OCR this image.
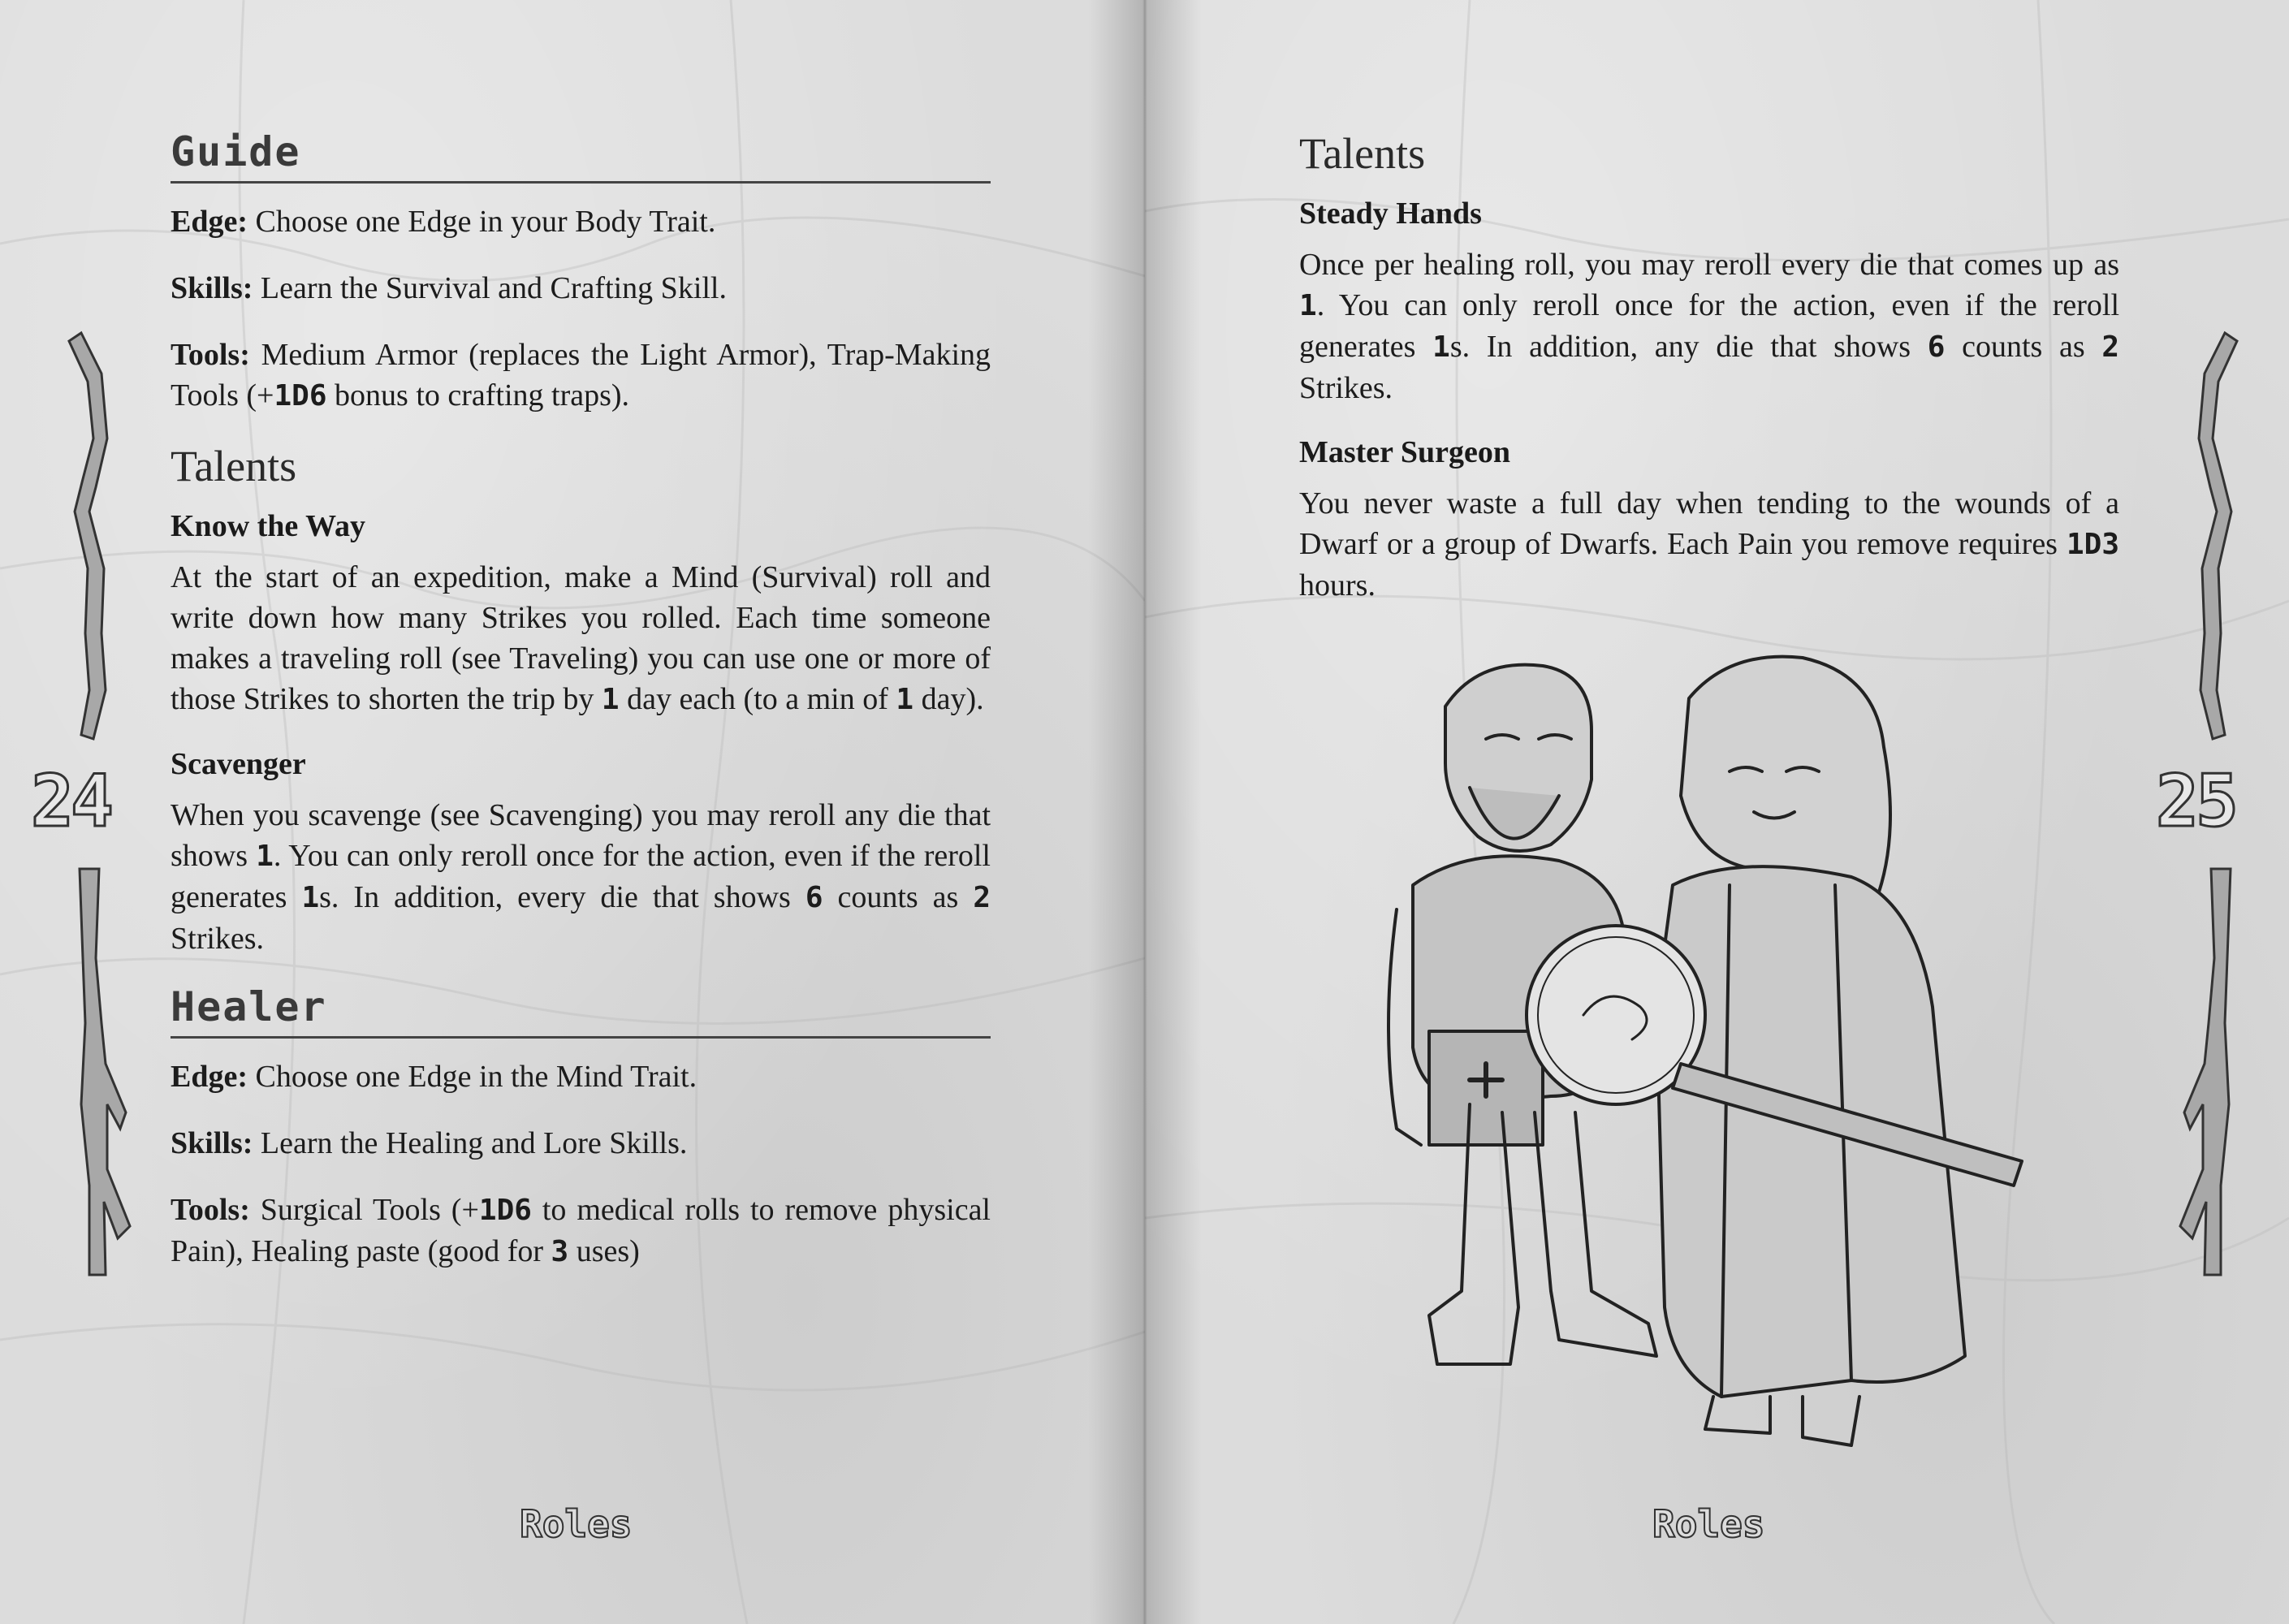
24
Guide

Edge: Choose one Edge in your Body Trait.

Skills: Learn the Survival and Crafting Skill.

Tools: Medium Armor (replaces the Light Armor), Trap-Making Tools (+1D6 bonus to crafting traps).

Talents
Know the Way

At the start of an expedition, make a Mind (Survival) roll and write down how many Strikes you rolled. Each time someone makes a traveling roll (see Traveling) you can use one or more of those Strikes to shorten the trip by 1 day each (to a min of 1 day).

Scavenger

When you scavenge (see Scavenging) you may reroll any die that shows 1. You can only reroll once for the action, even if the reroll generates 1s. In addition, every die that shows 6 counts as 2 Strikes.

Healer

Edge: Choose one Edge in the Mind Trait.

Skills: Learn the Healing and Lore Skills.

Tools: Surgical Tools (+1D6 to medical rolls to remove physical Pain), Healing paste (good for 3 uses)

Roles
Talents
Steady Hands

Once per healing roll, you may reroll every die that comes up as 1. You can only reroll once for the action, even if the reroll generates 1s. In addition, any die that shows 6 counts as 2 Strikes.

Master Surgeon

You never waste a full day when tending to the wounds of a Dwarf or a group of Dwarfs. Each Pain you remove requires 1D3 hours.

25
Roles
